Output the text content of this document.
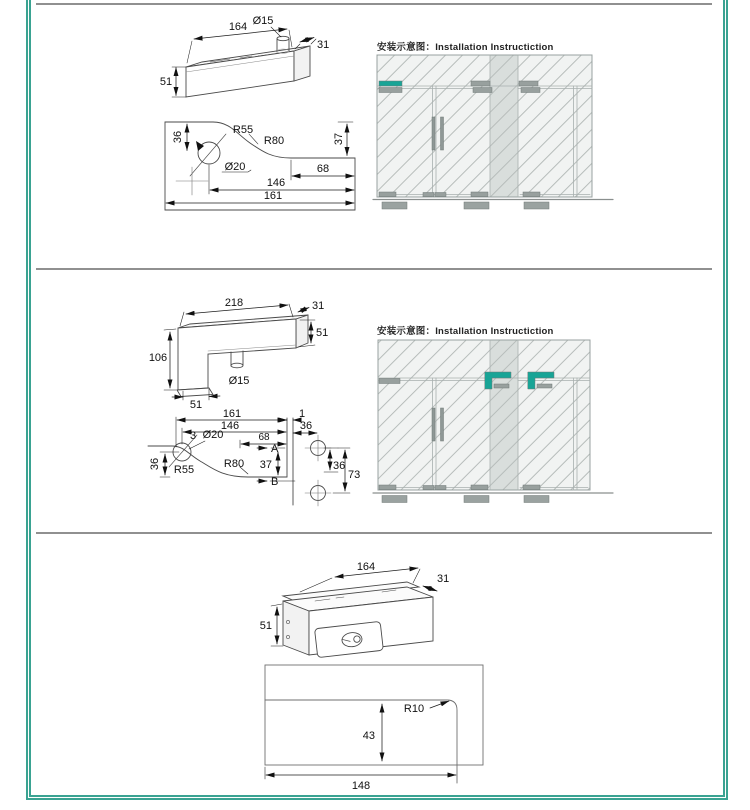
安装示意图：Installation Instructiction
安装示意图：Installation Instructiction
164 Ø15
31
51
36
R55
R80	37
Ø20	68
146
161
218	31
51
106
Ø15
51
161	1
146	36
3 Ø20	68
A
36 R55	R80 37
B
36
73
164
31
51
43
R10
148
